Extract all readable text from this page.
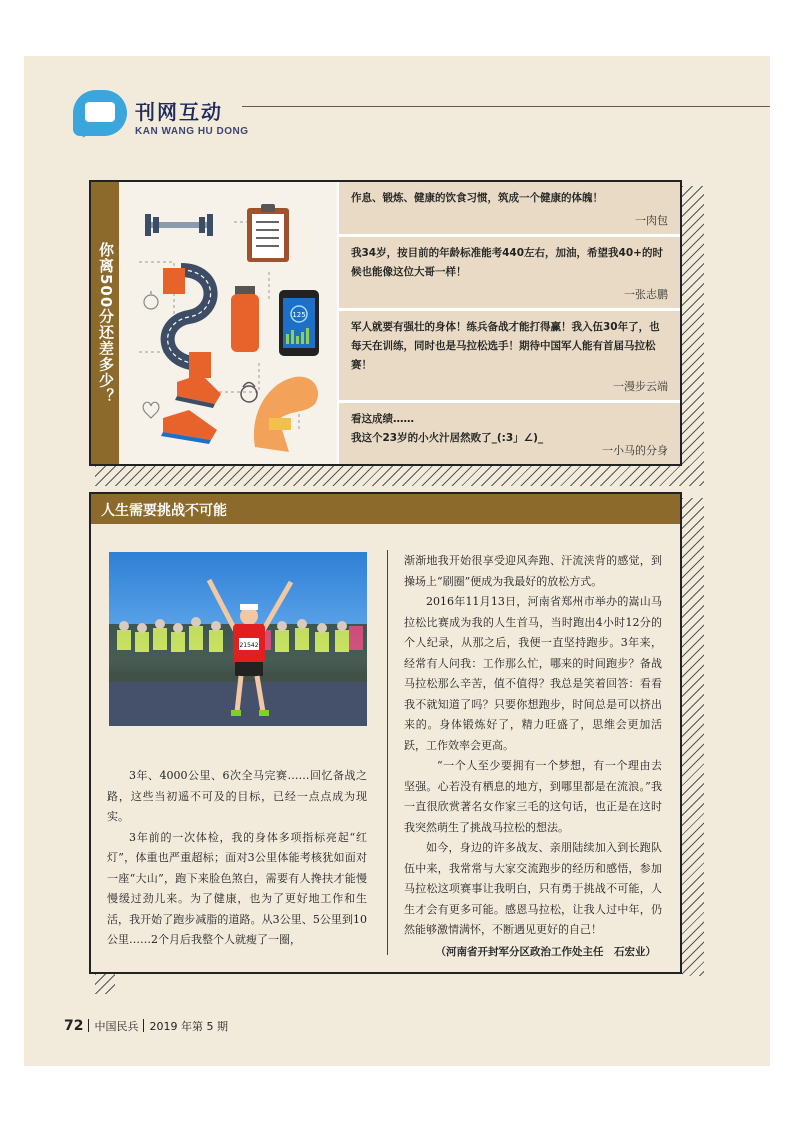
刊网互动
KAN WANG HU DONG
你离500分还差多少？	125
作息、锻炼、健康的饮食习惯，筑成一个健康的体魄！
一肉包
我34岁，按目前的年龄标准能考440左右，加油，希望我40+的时候也能像这位大哥一样！
一张志鹏
军人就要有强壮的身体！练兵备战才能打得赢！我入伍30年了，也每天在训练，同时也是马拉松选手！期待中国军人能有首届马拉松赛！
一漫步云端
看这成绩……
我这个23岁的小火汁居然败了_(:3」∠)_
一小马的分身
人生需要挑战不可能
21542

3年、4000公里、6次全马完赛……回忆备战之路，这些当初遥不可及的目标，已经一点点成为现实。

3年前的一次体检，我的身体多项指标亮起“红灯”，体重也严重超标；面对3公里体能考核犹如面对一座“大山”，跑下来脸色煞白，需要有人搀扶才能慢慢缓过劲儿来。为了健康，也为了更好地工作和生活，我开始了跑步减脂的道路。从3公里、5公里到10公里……2个月后我整个人就瘦了一圈，

渐渐地我开始很享受迎风奔跑、汗流浃背的感觉，到操场上“刷圈”便成为我最好的放松方式。

2016年11月13日，河南省郑州市举办的嵩山马拉松比赛成为我的人生首马，当时跑出4小时12分的个人纪录，从那之后，我便一直坚持跑步。3年来，经常有人问我：工作那么忙，哪来的时间跑步？备战马拉松那么辛苦，值不值得？我总是笑着回答：看看我不就知道了吗？只要你想跑步，时间总是可以挤出来的。身体锻炼好了，精力旺盛了，思维会更加活跃，工作效率会更高。

“一个人至少要拥有一个梦想，有一个理由去坚强。心若没有栖息的地方，到哪里都是在流浪。”我一直很欣赏著名女作家三毛的这句话，也正是在这时我突然萌生了挑战马拉松的想法。

如今，身边的许多战友、亲朋陆续加入到长跑队伍中来，我常常与大家交流跑步的经历和感悟，参加马拉松这项赛事让我明白，只有勇于挑战不可能，人生才会有更多可能。感恩马拉松，让我人过中年，仍然能够激情满怀，不断遇见更好的自己！

（河南省开封军分区政治工作处主任　石宏业）
72 中国民兵 2019 年第 5 期
